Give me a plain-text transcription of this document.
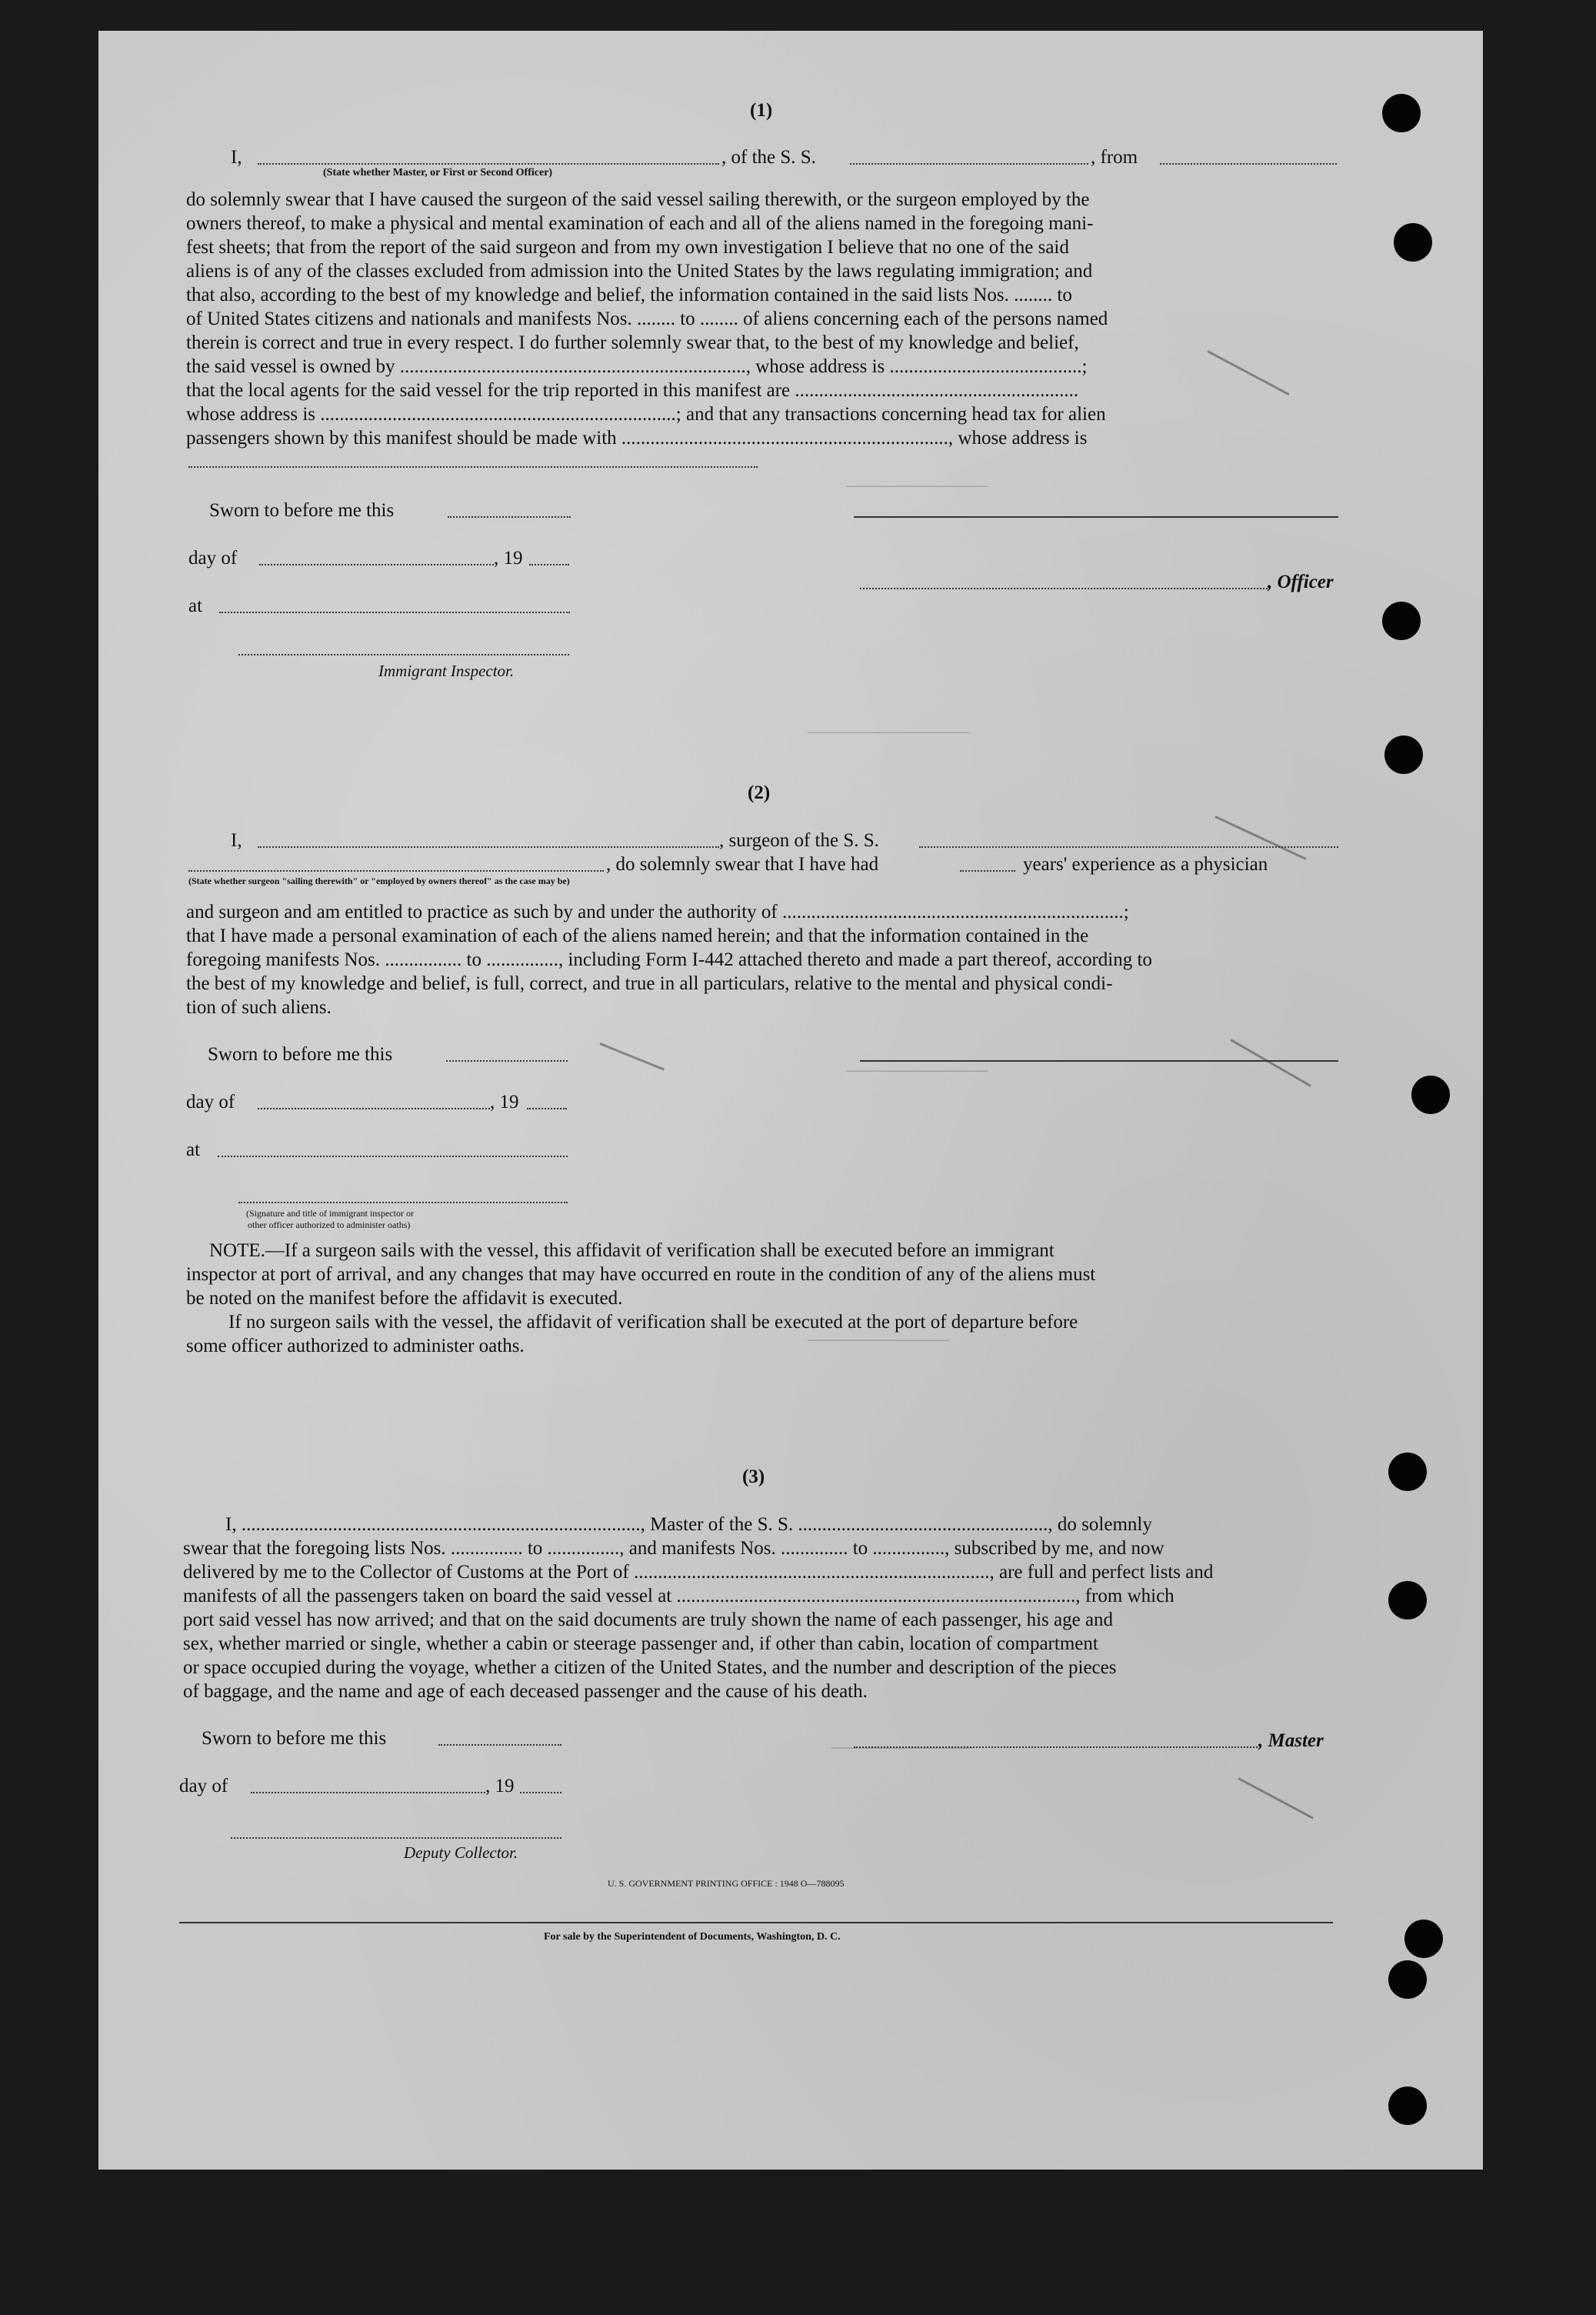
——————————————
————————————————
——————————————
——————————————
——————————————
(1)
I,	, of the S. S.	, from
(State whether Master, or First or Second Officer)
do solemnly swear that I have caused the surgeon of the said vessel sailing therewith, or the surgeon employed by the
owners thereof, to make a physical and mental examination of each and all of the aliens named in the foregoing mani-
fest sheets; that from the report of the said surgeon and from my own investigation I believe that no one of the said
aliens is of any of the classes excluded from admission into the United States by the laws regulating immigration; and
that also, according to the best of my knowledge and belief, the information contained in the said lists Nos. ........ to
of United States citizens and nationals and manifests Nos. ........ to ........ of aliens concerning each of the persons named
therein is correct and true in every respect. I do further solemnly swear that, to the best of my knowledge and belief,
the said vessel is owned by ........................................................................, whose address is ........................................;
that the local agents for the said vessel for the trip reported in this manifest are ...........................................................
whose address is ..........................................................................; and that any transactions concerning head tax for alien
passengers shown by this manifest should be made with ...................................................................., whose address is
Sworn to before me this
day of	, 19
, Officer
at
Immigrant Inspector.
(2)
I,	, surgeon of the S. S.
, do solemnly swear that I have had	years' experience as a physician
(State whether surgeon "sailing therewith" or "employed by owners thereof" as the case may be)
and surgeon and am entitled to practice as such by and under the authority of .......................................................................;
that I have made a personal examination of each of the aliens named herein; and that the information contained in the
foregoing manifests Nos. ................ to ..............., including Form I-442 attached thereto and made a part thereof, according to
the best of my knowledge and belief, is full, correct, and true in all particulars, relative to the mental and physical condi-
tion of such aliens.
Sworn to before me this
day of	, 19
at
(Signature and title of immigrant inspector or
other officer authorized to administer oaths)
NOTE.—If a surgeon sails with the vessel, this affidavit of verification shall be executed before an immigrant
inspector at port of arrival, and any changes that may have occurred en route in the condition of any of the aliens must
be noted on the manifest before the affidavit is executed.
If no surgeon sails with the vessel, the affidavit of verification shall be executed at the port of departure before
some officer authorized to administer oaths.
(3)
I, ..................................................................................., Master of the S. S. ...................................................., do solemnly
swear that the foregoing lists Nos. ............... to ..............., and manifests Nos. .............. to ..............., subscribed by me, and now
delivered by me to the Collector of Customs at the Port of .........................................................................., are full and perfect lists and
manifests of all the passengers taken on board the said vessel at ..................................................................................., from which
port said vessel has now arrived; and that on the said documents are truly shown the name of each passenger, his age and
sex, whether married or single, whether a cabin or steerage passenger and, if other than cabin, location of compartment
or space occupied during the voyage, whether a citizen of the United States, and the number and description of the pieces
of baggage, and the name and age of each deceased passenger and the cause of his death.
Sworn to before me this	, Master
day of	, 19
Deputy Collector.
U. S. GOVERNMENT PRINTING OFFICE : 1948 O—788095
For sale by the Superintendent of Documents, Washington, D. C.
